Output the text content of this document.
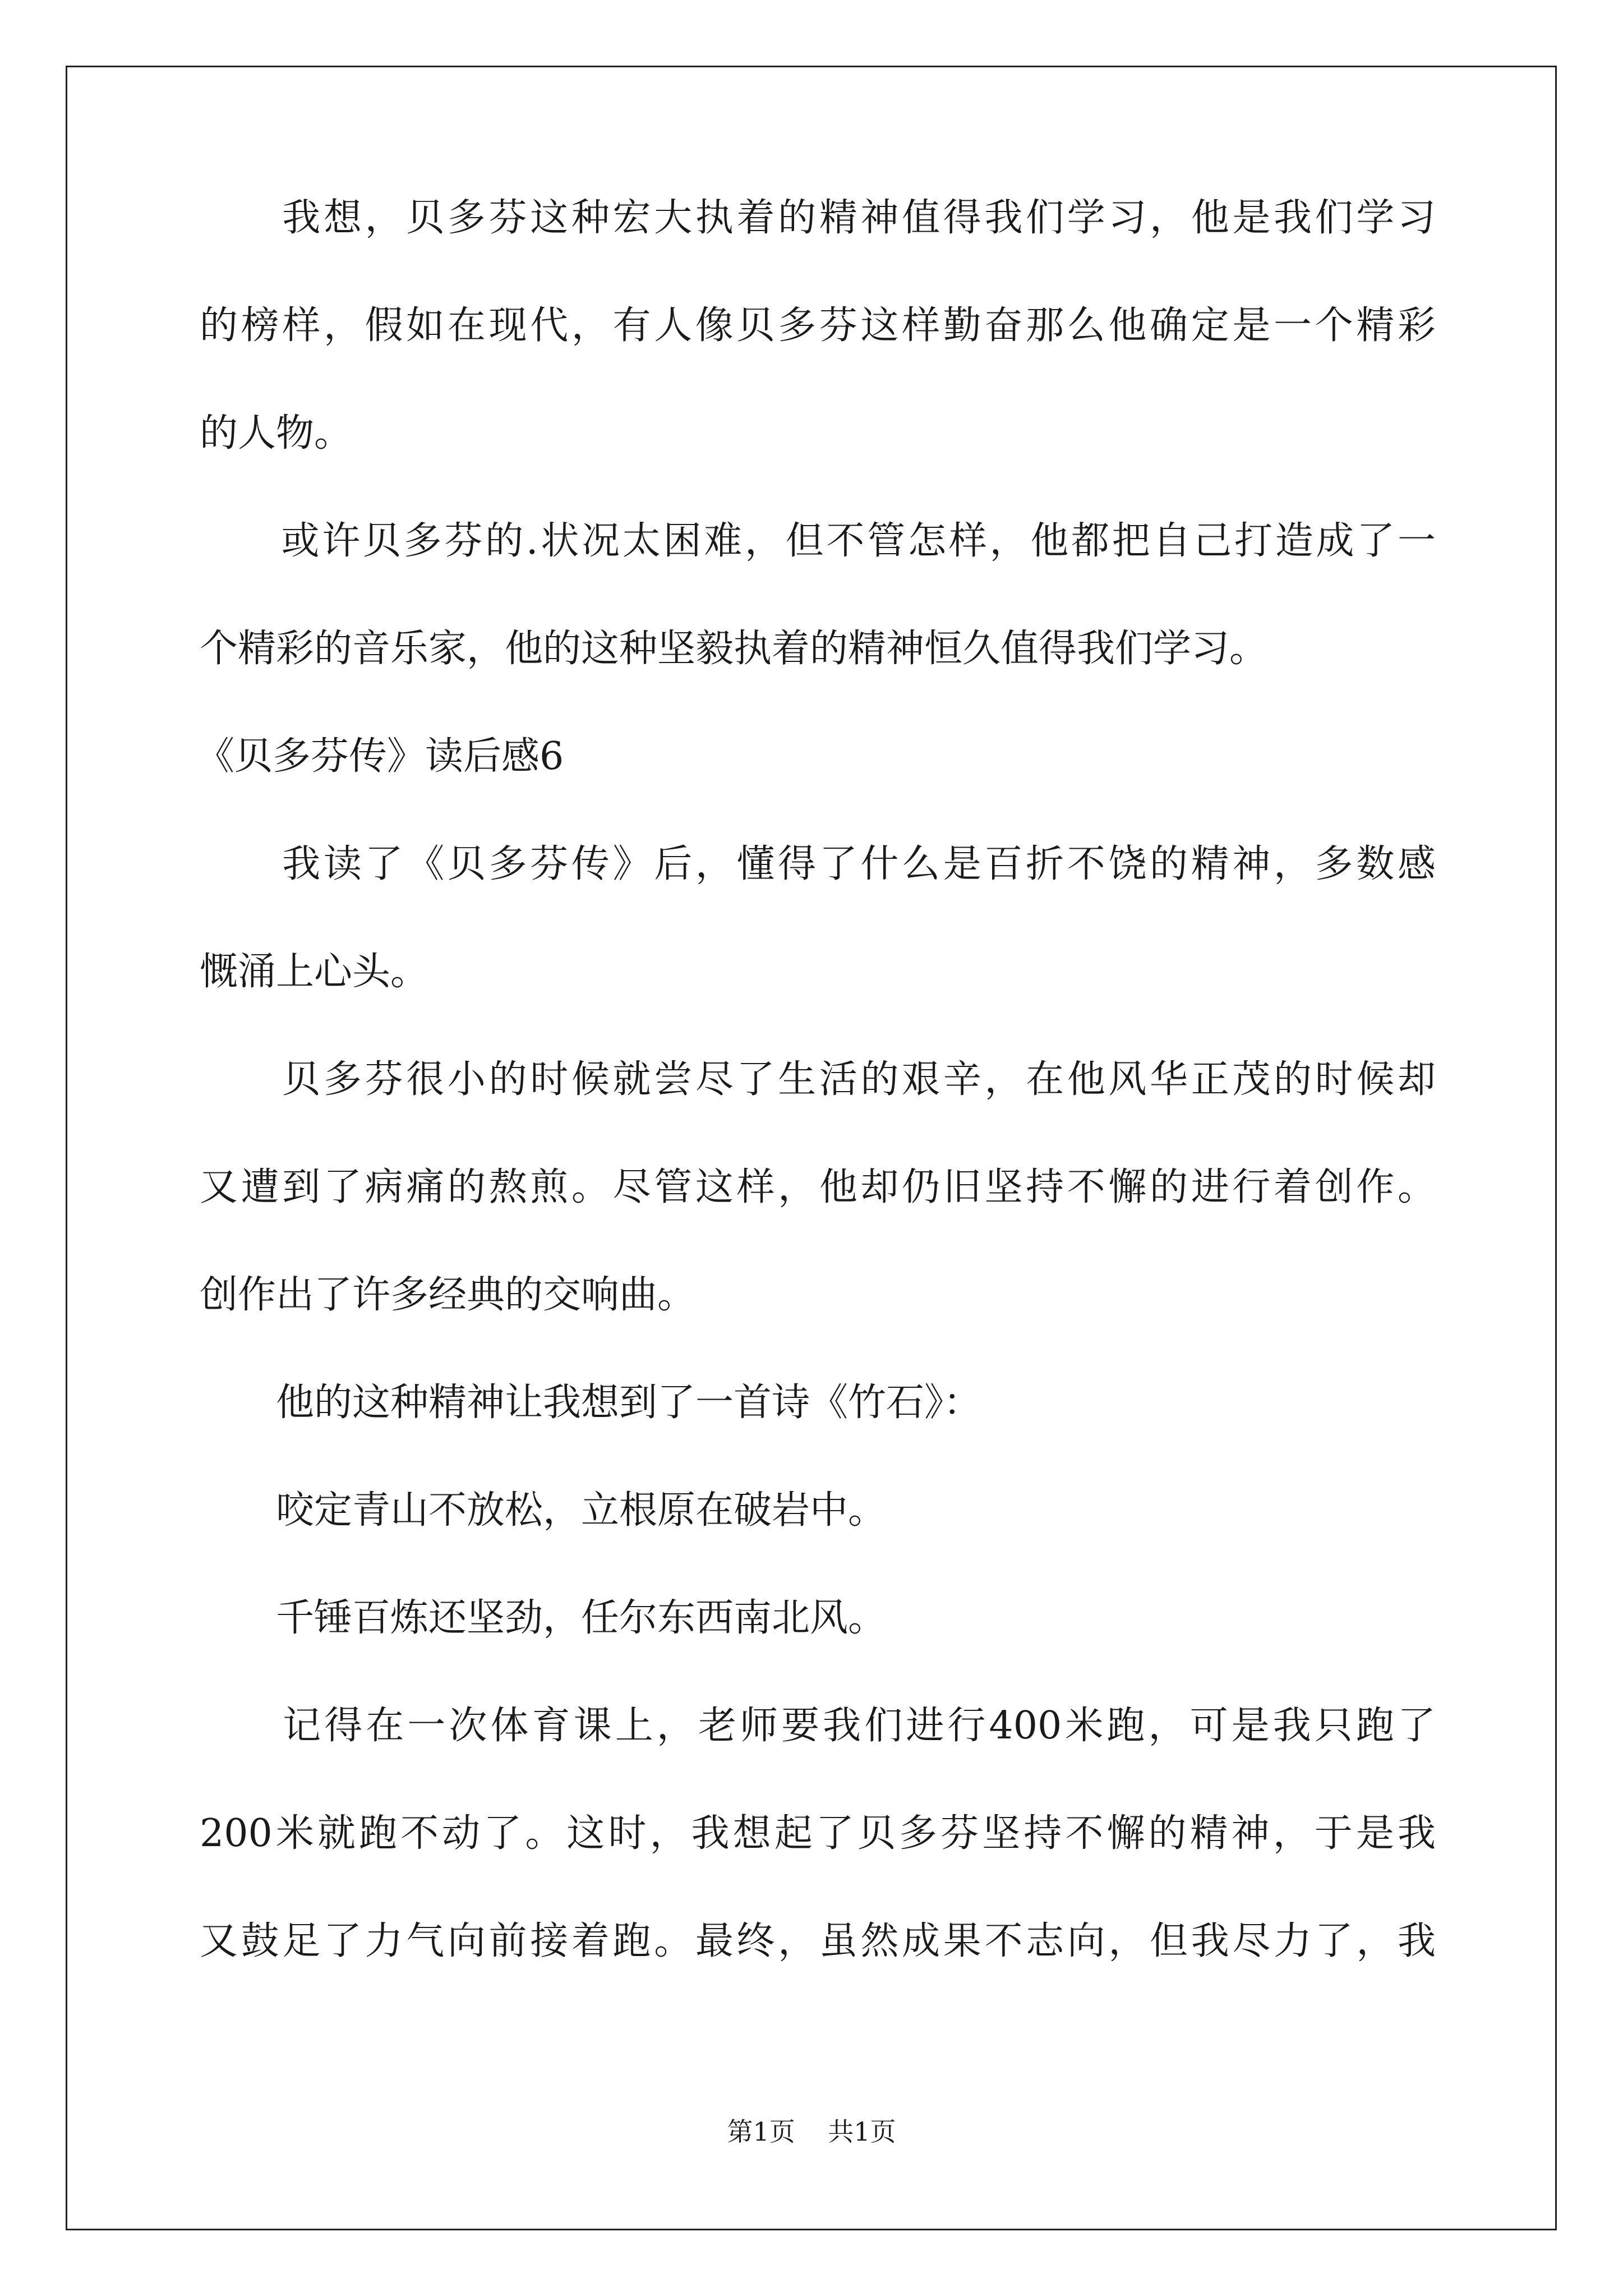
　　我想，贝多芬这种宏大执着的精神值得我们学习，他是我们学习
的榜样，假如在现代，有人像贝多芬这样勤奋那么他确定是一个精彩
的人物。
　　或许贝多芬的.状况太困难，但不管怎样，他都把自己打造成了一
个精彩的音乐家，他的这种坚毅执着的精神恒久值得我们学习。
《贝多芬传》读后感6
　　我读了《贝多芬传》后，懂得了什么是百折不饶的精神，多数感
慨涌上心头。
　　贝多芬很小的时候就尝尽了生活的艰辛，在他风华正茂的时候却
又遭到了病痛的熬煎。尽管这样，他却仍旧坚持不懈的进行着创作。
创作出了许多经典的交响曲。
　　他的这种精神让我想到了一首诗《竹石》：
　　咬定青山不放松，立根原在破岩中。
　　千锤百炼还坚劲，任尔东西南北风。
　　记得在一次体育课上，老师要我们进行400米跑，可是我只跑了
200米就跑不动了。这时，我想起了贝多芬坚持不懈的精神，于是我
又鼓足了力气向前接着跑。最终，虽然成果不志向，但我尽力了，我
第1页 共1页
